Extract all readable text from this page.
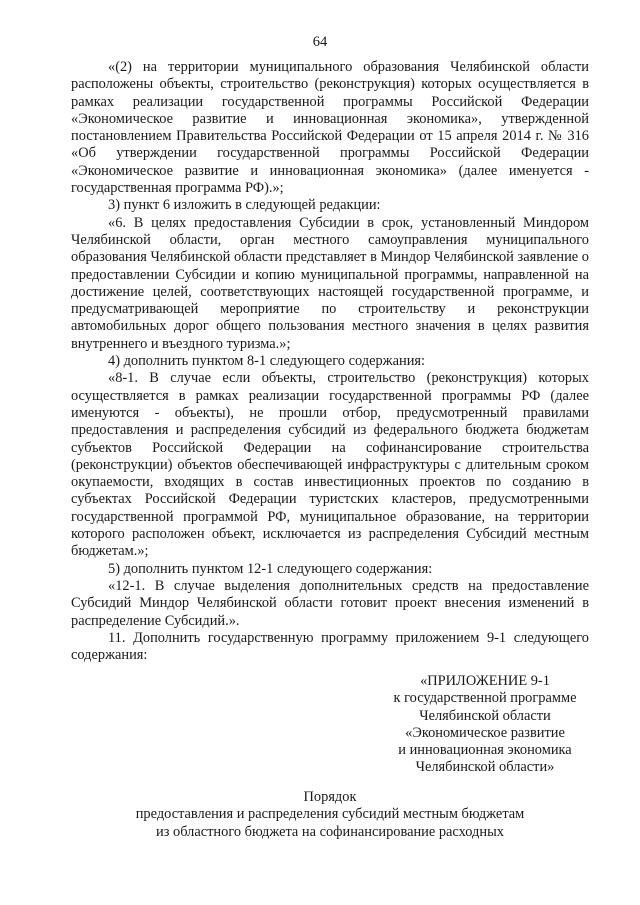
64

«(2) на территории муниципального образования Челябинской области расположены объекты, строительство (реконструкция) которых осуществляется в рамках реализации государственной программы Российской Федерации «Экономическое развитие и инновационная экономика», утвержденной постановлением Правительства Российской Федерации от 15 апреля 2014 г. № 316 «Об утверждении государственной программы Российской Федерации «Экономическое развитие и инновационная экономика» (далее именуется - государственная программа РФ).»;

3) пункт 6 изложить в следующей редакции:

«6. В целях предоставления Субсидии в срок, установленный Миндором Челябинской области, орган местного самоуправления муниципального образования Челябинской области представляет в Миндор Челябинской заявление о предоставлении Субсидии и копию муниципальной программы, направленной на достижение целей, соответствующих настоящей государственной программе, и предусматривающей мероприятие по строительству и реконструкции автомобильных дорог общего пользования местного значения в целях развития внутреннего и въездного туризма.»;

4) дополнить пунктом 8-1 следующего содержания:

«8-1. В случае если объекты, строительство (реконструкция) которых осуществляется в рамках реализации государственной программы РФ (далее именуются - объекты), не прошли отбор, предусмотренный правилами предоставления и распределения субсидий из федерального бюджета бюджетам субъектов Российской Федерации на софинансирование строительства (реконструкции) объектов обеспечивающей инфраструктуры с длительным сроком окупаемости, входящих в состав инвестиционных проектов по созданию в субъектах Российской Федерации туристских кластеров, предусмотренными государственной программой РФ, муниципальное образование, на территории которого расположен объект, исключается из распределения Субсидий местным бюджетам.»;

5) дополнить пунктом 12-1 следующего содержания:

«12-1. В случае выделения дополнительных средств на предоставление Субсидий Миндор Челябинской области готовит проект внесения изменений в распределение Субсидий.».

11. Дополнить государственную программу приложением 9-1 следующего содержания:

«ПРИЛОЖЕНИЕ 9-1
к государственной программе
Челябинской области
«Экономическое развитие
и инновационная экономика
Челябинской области»
Порядок
предоставления и распределения субсидий местным бюджетам
из областного бюджета на софинансирование расходных
